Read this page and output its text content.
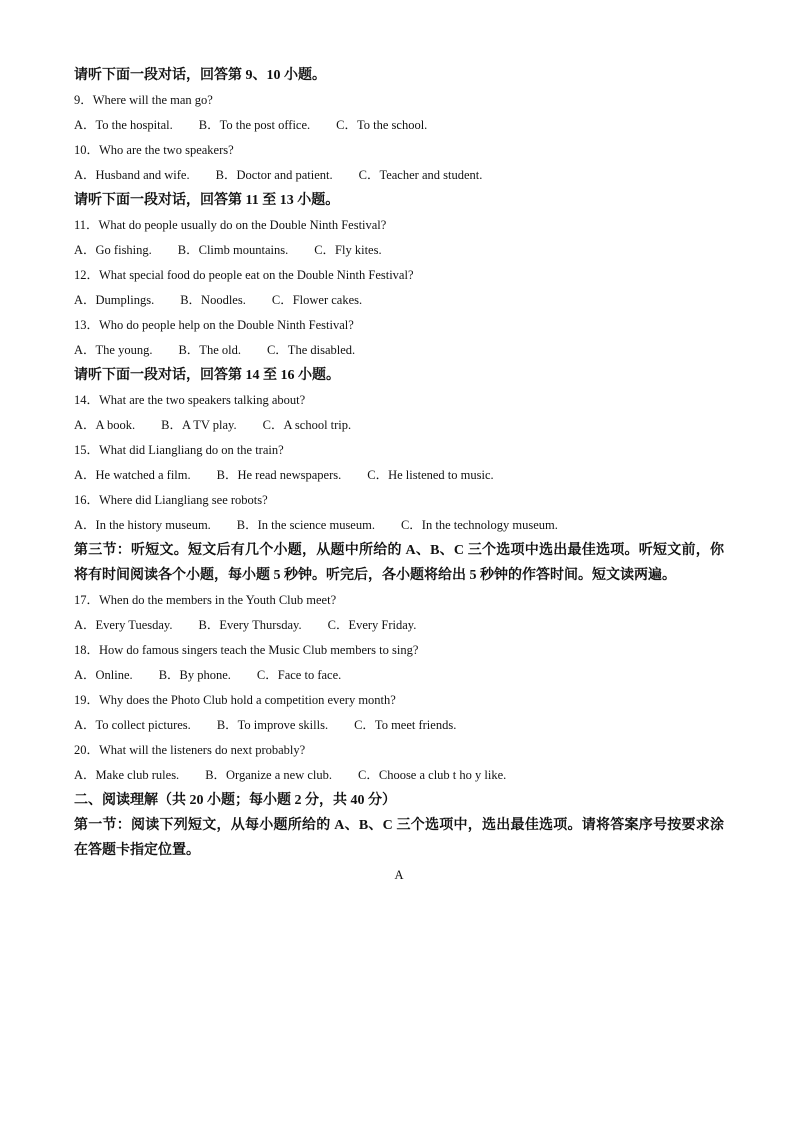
请听下面一段对话，回答第 9、10 小题。
9．Where will the man go?
A．To the hospital. B．To the post office. C．To the school.
10．Who are the two speakers?
A．Husband and wife. B．Doctor and patient. C．Teacher and student.
请听下面一段对话，回答第 11 至 13 小题。
11．What do people usually do on the Double Ninth Festival?
A．Go fishing. B．Climb mountains. C．Fly kites.
12．What special food do people eat on the Double Ninth Festival?
A．Dumplings. B．Noodles. C．Flower cakes.
13．Who do people help on the Double Ninth Festival?
A．The young. B．The old. C．The disabled.
请听下面一段对话，回答第 14 至 16 小题。
14．What are the two speakers talking about?
A．A book. B．A TV play. C．A school trip.
15．What did Liangliang do on the train?
A．He watched a film. B．He read newspapers. C．He listened to music.
16．Where did Liangliang see robots?
A．In the history museum. B．In the science museum. C．In the technology museum.
第三节：听短文。短文后有几个小题，从题中所给的 A、B、C 三个选项中选出最佳选项。听短文前，你将有时间阅读各个小题，每小题 5 秒钟。听完后，各小题将给出 5 秒钟的作答时间。短文读两遍。
17．When do the members in the Youth Club meet?
A．Every Tuesday. B．Every Thursday. C．Every Friday.
18．How do famous singers teach the Music Club members to sing?
A．Online. B．By phone. C．Face to face.
19．Why does the Photo Club hold a competition every month?
A．To collect pictures. B．To improve skills. C．To meet friends.
20．What will the listeners do next probably?
A．Make club rules. B．Organize a new club. C．Choose a club t ho y like.
二、阅读理解（共 20 小题；每小题 2 分，共 40 分）
第一节：阅读下列短文，从每小题所给的 A、B、C 三个选项中，选出最佳选项。请将答案序号按要求涂在答题卡指定位置。
A
